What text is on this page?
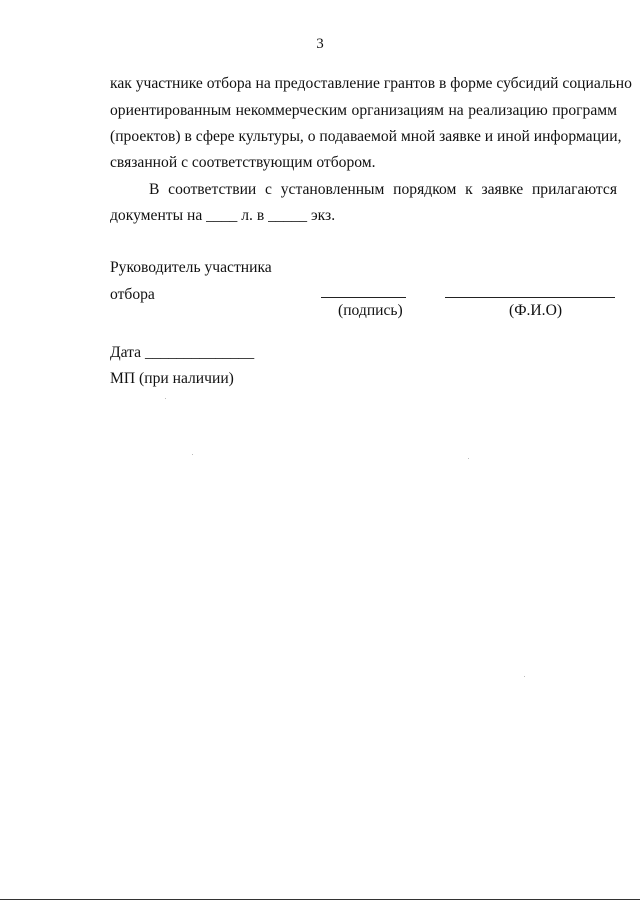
3
как участнике отбора на предоставление грантов в форме субсидий социально
ориентированным некоммерческим организациям на реализацию программ
(проектов) в сфере культуры, о подаваемой мной заявке и иной информации,
связанной с соответствующим отбором.
В соответствии с установленным порядком к заявке прилагаются
документы на ____ л. в _____ экз.
Руководитель участника
отбора
(подпись)	(Ф.И.О)
Дата ______________
МП (при наличии)
